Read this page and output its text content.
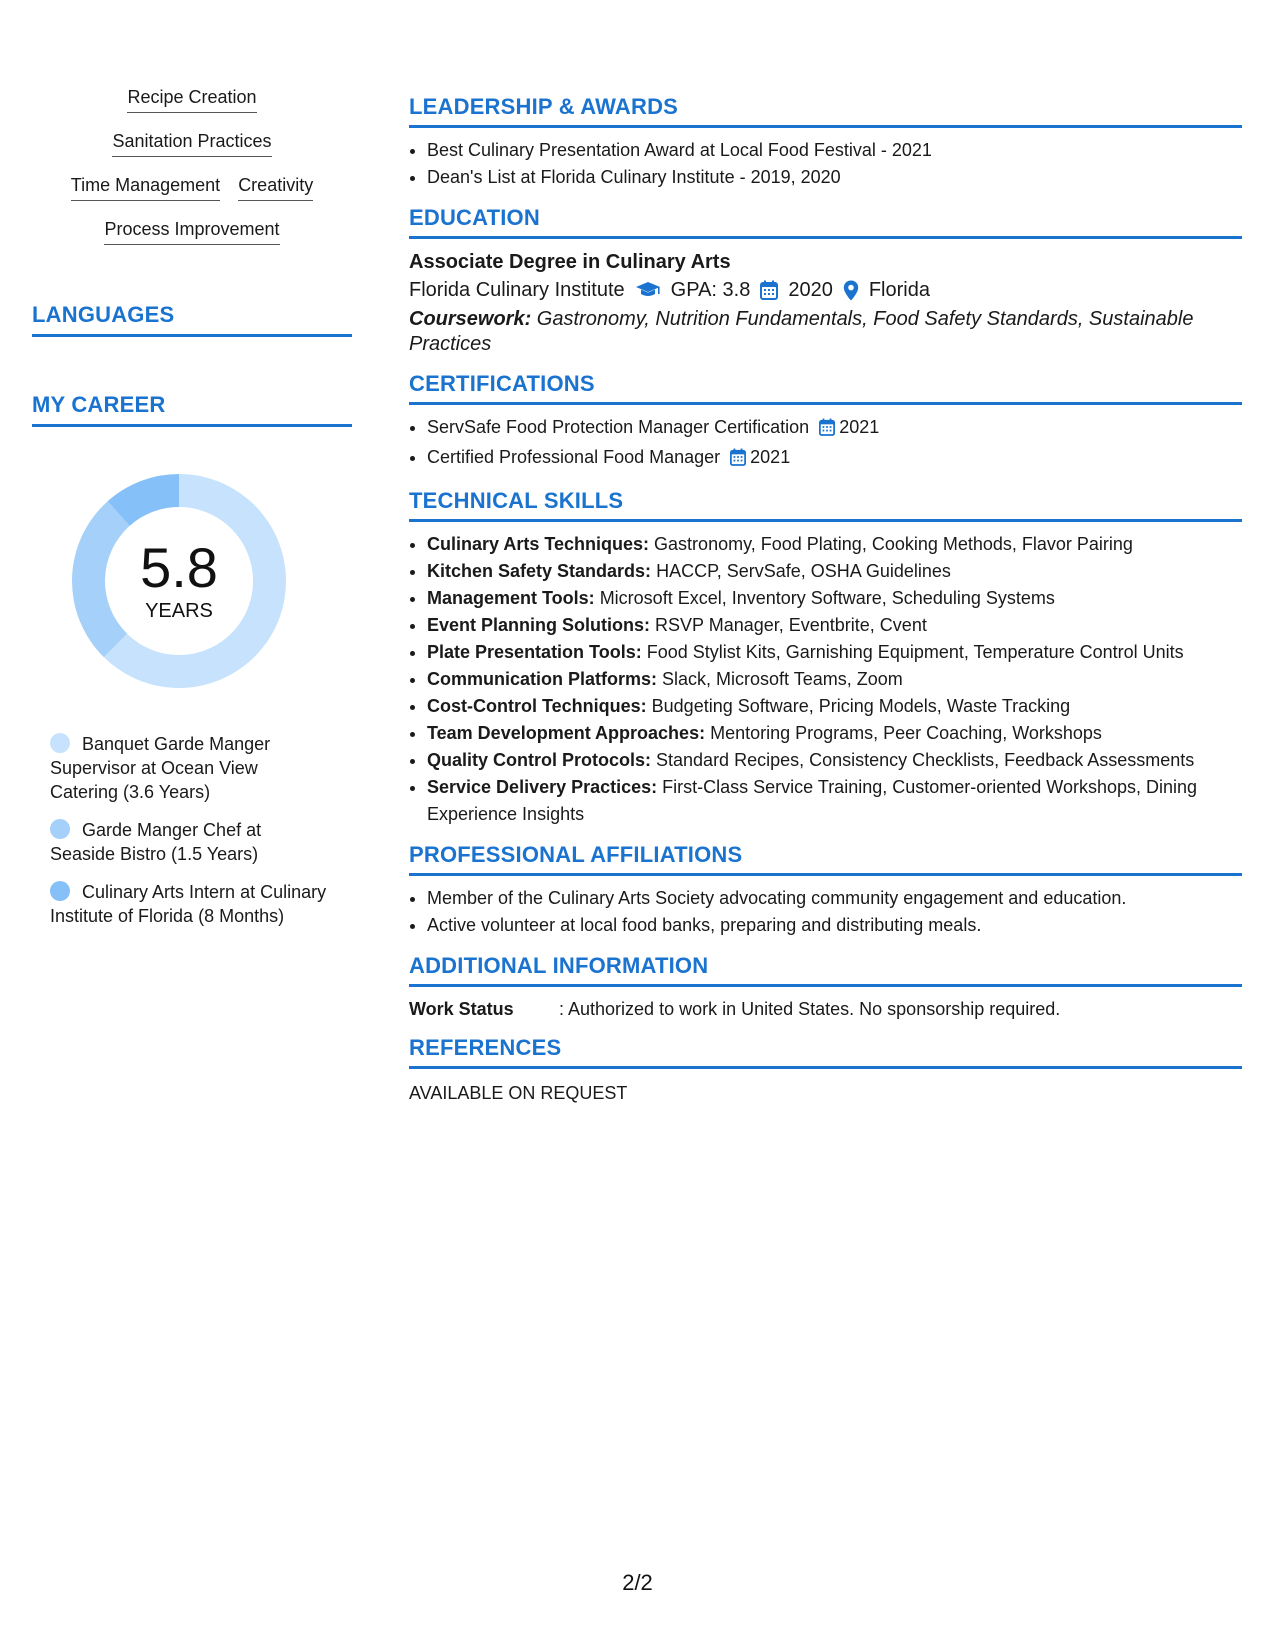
Recipe Creation
Sanitation Practices
Time Management Creativity
Process Improvement
LANGUAGES
MY CAREER
5.8
YEARS
Banquet Garde Manger Supervisor at Ocean View Catering (3.6 Years)
Garde Manger Chef at Seaside Bistro (1.5 Years)
Culinary Arts Intern at Culinary Institute of Florida (8 Months)
LEADERSHIP & AWARDS
• Best Culinary Presentation Award at Local Food Festival - 2021
• Dean's List at Florida Culinary Institute - 2019, 2020
EDUCATION
Associate Degree in Culinary Arts
Florida Culinary Institute GPA: 3.8 2020 Florida
Coursework: Gastronomy, Nutrition Fundamentals, Food Safety Standards, Sustainable Practices
CERTIFICATIONS
• ServSafe Food Protection Manager Certification 2021
• Certified Professional Food Manager 2021
TECHNICAL SKILLS
• Culinary Arts Techniques: Gastronomy, Food Plating, Cooking Methods, Flavor Pairing
• Kitchen Safety Standards: HACCP, ServSafe, OSHA Guidelines
• Management Tools: Microsoft Excel, Inventory Software, Scheduling Systems
• Event Planning Solutions: RSVP Manager, Eventbrite, Cvent
• Plate Presentation Tools: Food Stylist Kits, Garnishing Equipment, Temperature Control Units
• Communication Platforms: Slack, Microsoft Teams, Zoom
• Cost-Control Techniques: Budgeting Software, Pricing Models, Waste Tracking
• Team Development Approaches: Mentoring Programs, Peer Coaching, Workshops
• Quality Control Protocols: Standard Recipes, Consistency Checklists, Feedback Assessments
• Service Delivery Practices: First-Class Service Training, Customer-oriented Workshops, Dining Experience Insights
PROFESSIONAL AFFILIATIONS
• Member of the Culinary Arts Society advocating community engagement and education.
• Active volunteer at local food banks, preparing and distributing meals.
ADDITIONAL INFORMATION
Work Status	: Authorized to work in United States. No sponsorship required.
REFERENCES
AVAILABLE ON REQUEST
2/2
